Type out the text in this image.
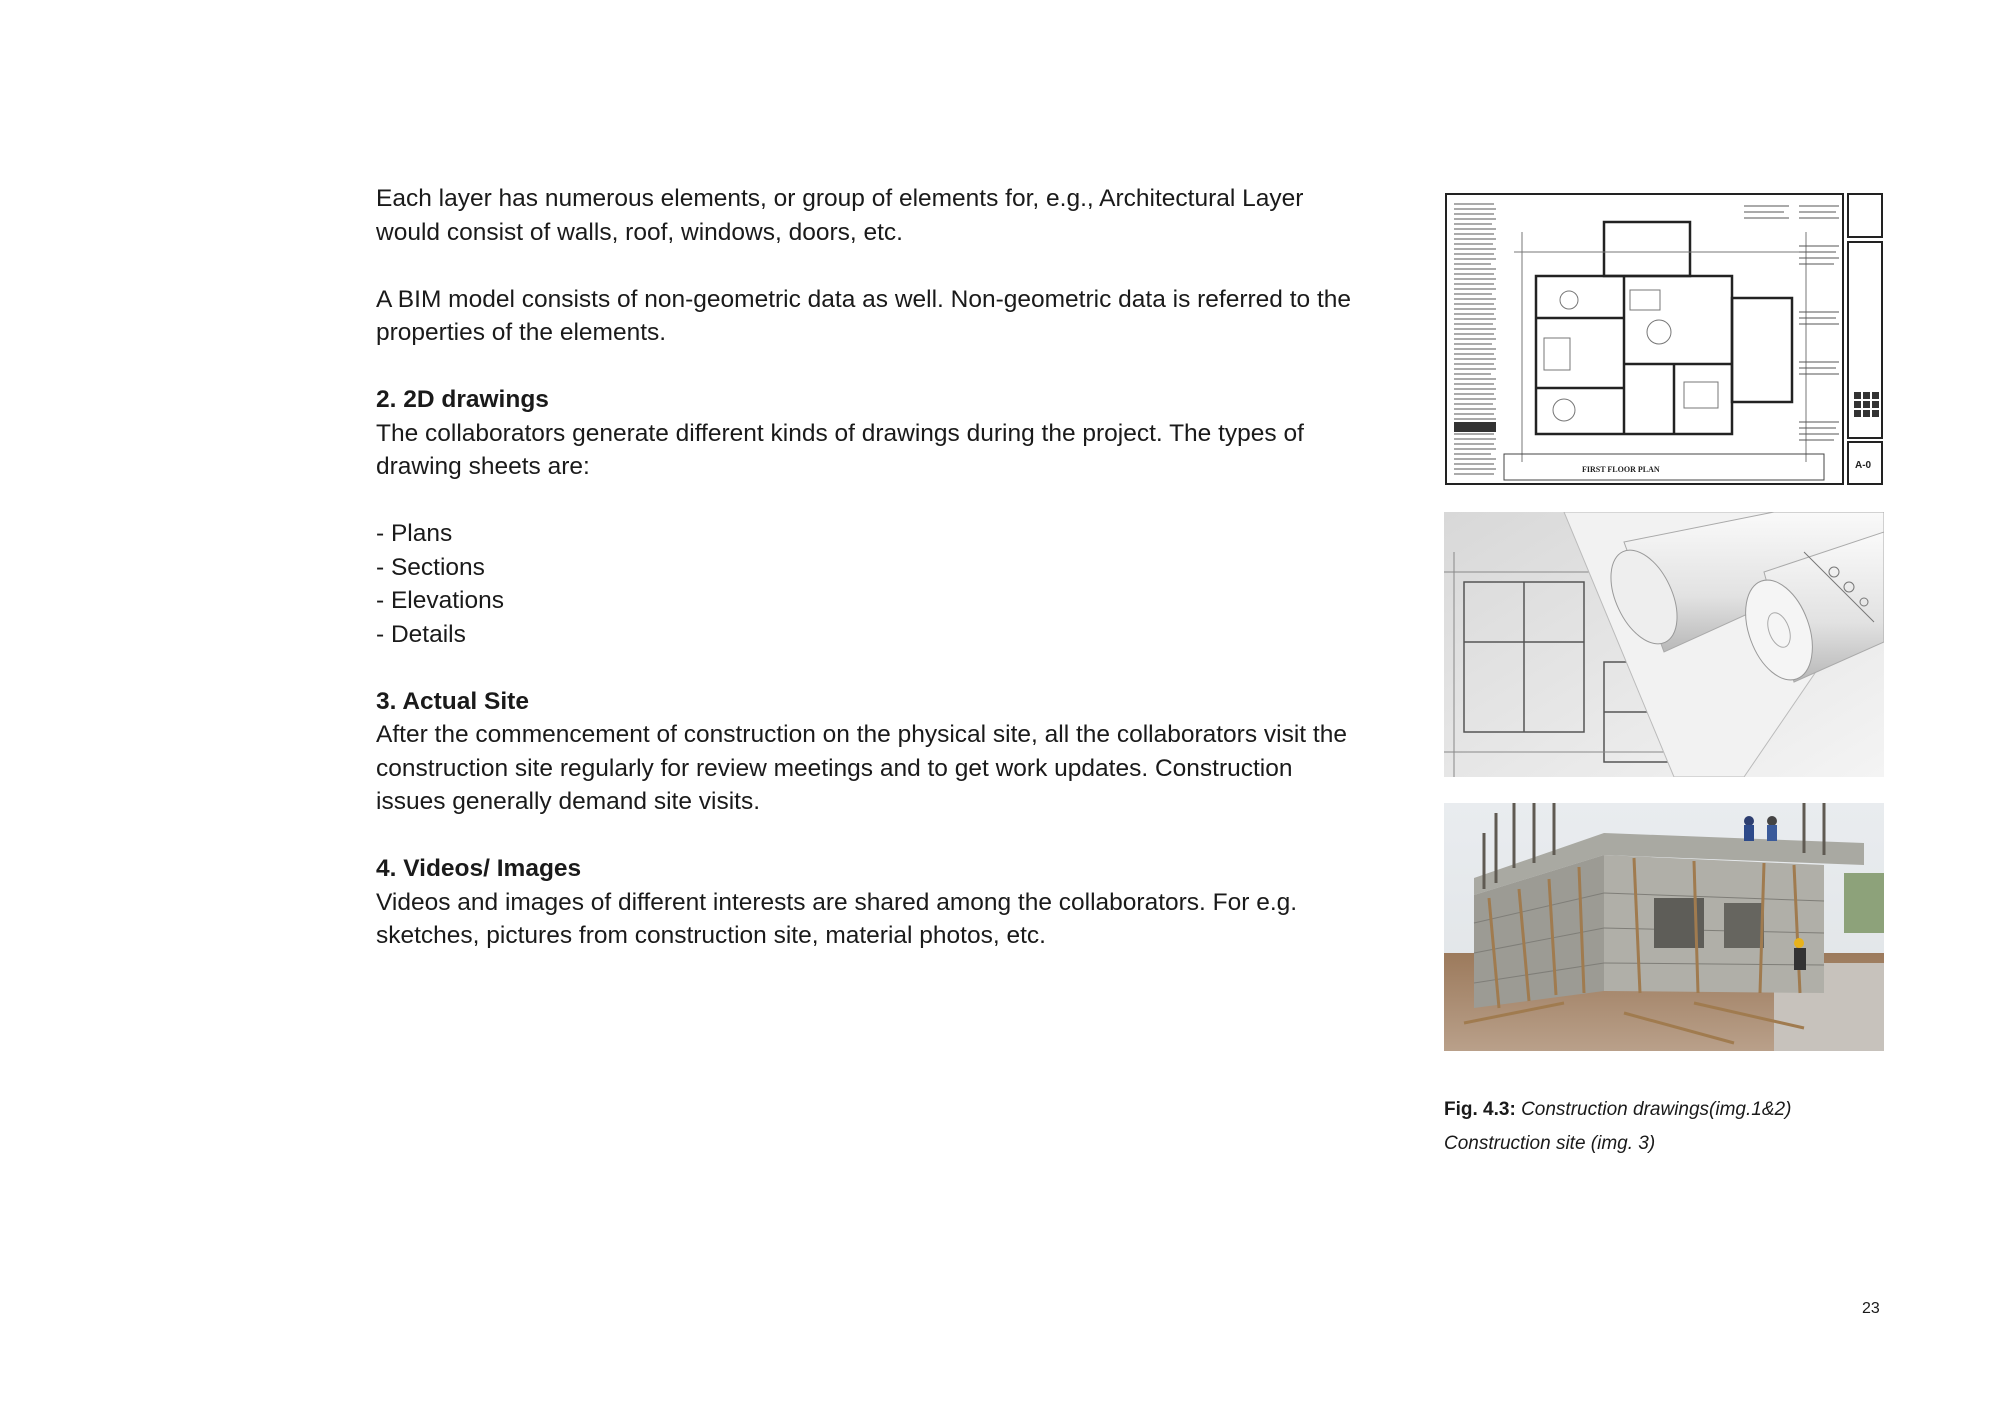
Each layer has numerous elements, or group of elements for, e.g., Architectural Layer would consist of walls, roof, windows, doors, etc.

A BIM model consists of non-geometric data as well. Non-geometric data is referred to the properties of the elements.

2. 2D drawings
The collaborators generate different kinds of drawings during the project. The types of drawing sheets are:

- Plans
- Sections
- Elevations
- Details

3. Actual Site
After the commencement of construction on the physical site, all the collaborators visit the construction site regularly for review meetings and to get work updates. Construction issues generally demand site visits.

4. Videos/ Images
Videos and images of different interests are shared among the collaborators. For e.g. sketches, pictures from construction site, material photos, etc.

FIRST FLOOR PLAN	A-0
Fig. 4.3: Construction drawings(img.1&2)
Construction site (img. 3)
23
